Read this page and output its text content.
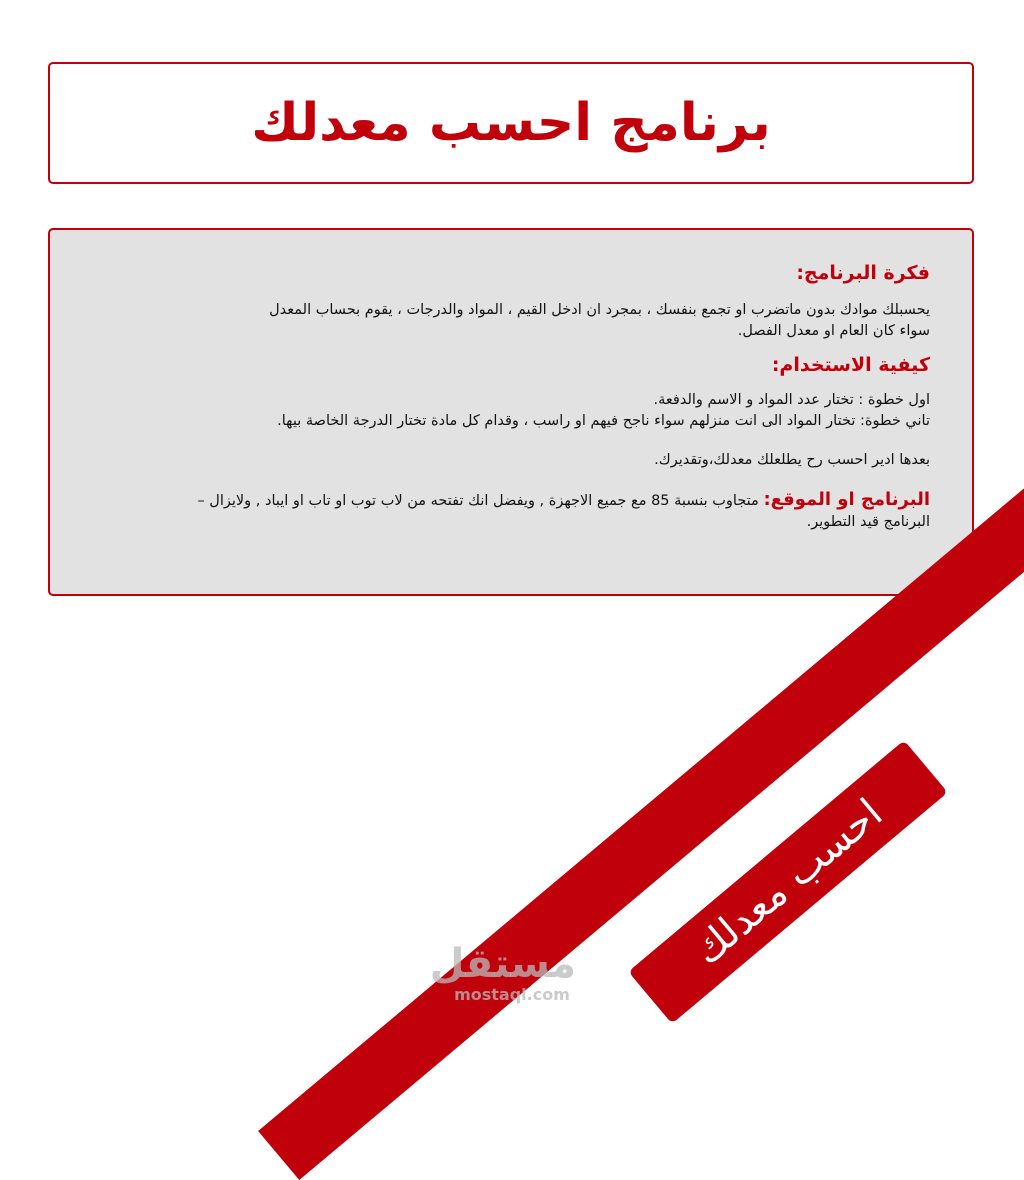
برنامج احسب معدلك

فكرة البرنامج:

يحسبلك موادك بدون ماتضرب او تجمع بنفسك ، بمجرد ان ادخل القيم ، المواد والدرجات ، يقوم بحساب المعدل

سواء كان العام او معدل الفصل.

كيفية الاستخدام:

اول خطوة : تختار عدد المواد و الاسم والدفعة.

تاني خطوة: تختار المواد الى انت منزلهم سواء ناجح فيهم او راسب ، وقدام كل مادة تختار الدرجة الخاصة بيها.

بعدها ادير احسب رح يطلعلك معدلك،وتقديرك.

البرنامج او الموقع: متجاوب بنسبة 85 مع جميع الاجهزة , ويفضل انك تفتحه من لاب توب او تاب او ايباد , ولايزال –

البرنامج قيد التطوير.

احسب معدلك
مستقل
mostaql.com
